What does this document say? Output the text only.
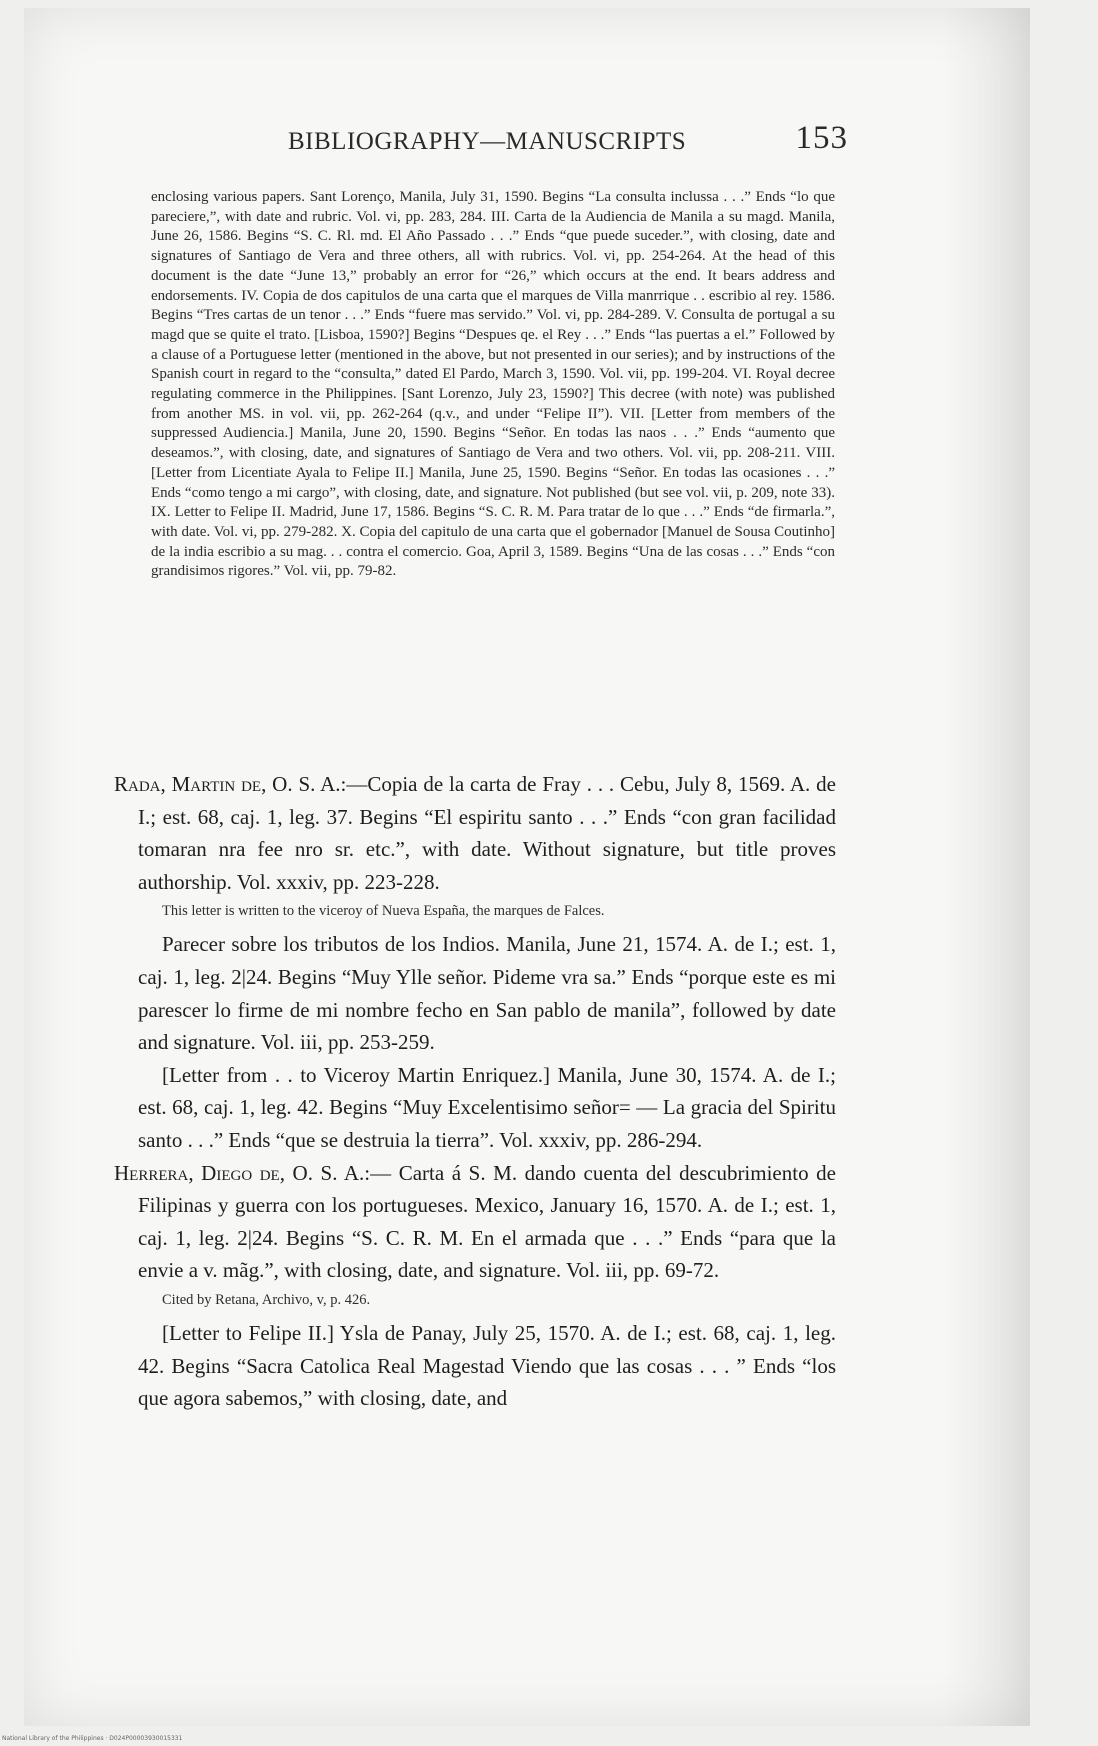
BIBLIOGRAPHY—MANUSCRIPTS	153

enclosing various papers. Sant Lorenço, Manila, July 31, 1590. Begins “La consulta inclussa . . .” Ends “lo que pareciere,”, with date and rubric. Vol. vi, pp. 283, 284. III. Carta de la Audiencia de Manila a su magd. Manila, June 26, 1586. Begins “S. C. Rl. md. El Año Passado . . .” Ends “que puede suceder.”, with closing, date and signatures of Santiago de Vera and three others, all with rubrics. Vol. vi, pp. 254-264. At the head of this document is the date “June 13,” probably an error for “26,” which occurs at the end. It bears address and endorsements. IV. Copia de dos capitulos de una carta que el marques de Villa manrrique . . escribio al rey. 1586. Begins “Tres cartas de un tenor . . .” Ends “fuere mas servido.” Vol. vi, pp. 284-289. V. Consulta de portugal a su magd que se quite el trato. [Lisboa, 1590?] Begins “Despues qe. el Rey . . .” Ends “las puertas a el.” Followed by a clause of a Portuguese letter (mentioned in the above, but not presented in our series); and by instructions of the Spanish court in regard to the “consulta,” dated El Pardo, March 3, 1590. Vol. vii, pp. 199-204. VI. Royal decree regulating commerce in the Philippines. [Sant Lorenzo, July 23, 1590?] This decree (with note) was published from another MS. in vol. vii, pp. 262-264 (q.v., and under “Felipe II”). VII. [Letter from members of the suppressed Audiencia.] Manila, June 20, 1590. Begins “Señor. En todas las naos . . .” Ends “aumento que deseamos.”, with closing, date, and signatures of Santiago de Vera and two others. Vol. vii, pp. 208-211. VIII. [Letter from Licentiate Ayala to Felipe II.] Manila, June 25, 1590. Begins “Señor. En todas las ocasiones . . .” Ends “como tengo a mi cargo”, with closing, date, and signature. Not published (but see vol. vii, p. 209, note 33). IX. Letter to Felipe II. Madrid, June 17, 1586. Begins “S. C. R. M. Para tratar de lo que . . .” Ends “de firmarla.”, with date. Vol. vi, pp. 279-282. X. Copia del capitulo de una carta que el gobernador [Manuel de Sousa Coutinho] de la india escribio a su mag. . . contra el comercio. Goa, April 3, 1589. Begins “Una de las cosas . . .” Ends “con grandisimos rigores.” Vol. vii, pp. 79-82.

Rada, Martin de, O. S. A.:—Copia de la carta de Fray . . . Cebu, July 8, 1569. A. de I.; est. 68, caj. 1, leg. 37. Begins “El espiritu santo . . .” Ends “con gran facilidad tomaran nra fee nro sr. etc.”, with date. Without signature, but title proves authorship. Vol. xxxiv, pp. 223-228.

This letter is written to the viceroy of Nueva España, the marques de Falces.

Parecer sobre los tributos de los Indios. Manila, June 21, 1574. A. de I.; est. 1, caj. 1, leg. 2|24. Begins “Muy Ylle señor. Pideme vra sa.” Ends “porque este es mi parescer lo firme de mi nombre fecho en San pablo de manila”, followed by date and signature. Vol. iii, pp. 253-259.

[Letter from . . to Viceroy Martin Enriquez.] Manila, June 30, 1574. A. de I.; est. 68, caj. 1, leg. 42. Begins “Muy Excelentisimo señor= — La gracia del Spiritu santo . . .” Ends “que se destruia la tierra”. Vol. xxxiv, pp. 286-294.

Herrera, Diego de, O. S. A.:— Carta á S. M. dando cuenta del descubrimiento de Filipinas y guerra con los portugueses. Mexico, January 16, 1570. A. de I.; est. 1, caj. 1, leg. 2|24. Begins “S. C. R. M. En el armada que . . .” Ends “para que la envie a v. mãg.”, with closing, date, and signature. Vol. iii, pp. 69-72.

Cited by Retana, Archivo, v, p. 426.

[Letter to Felipe II.] Ysla de Panay, July 25, 1570. A. de I.; est. 68, caj. 1, leg. 42. Begins “Sacra Catolica Real Magestad Viendo que las cosas . . . ” Ends “los que agora sabemos,” with closing, date, and

National Library of the Philippines · D024P00003930015331
